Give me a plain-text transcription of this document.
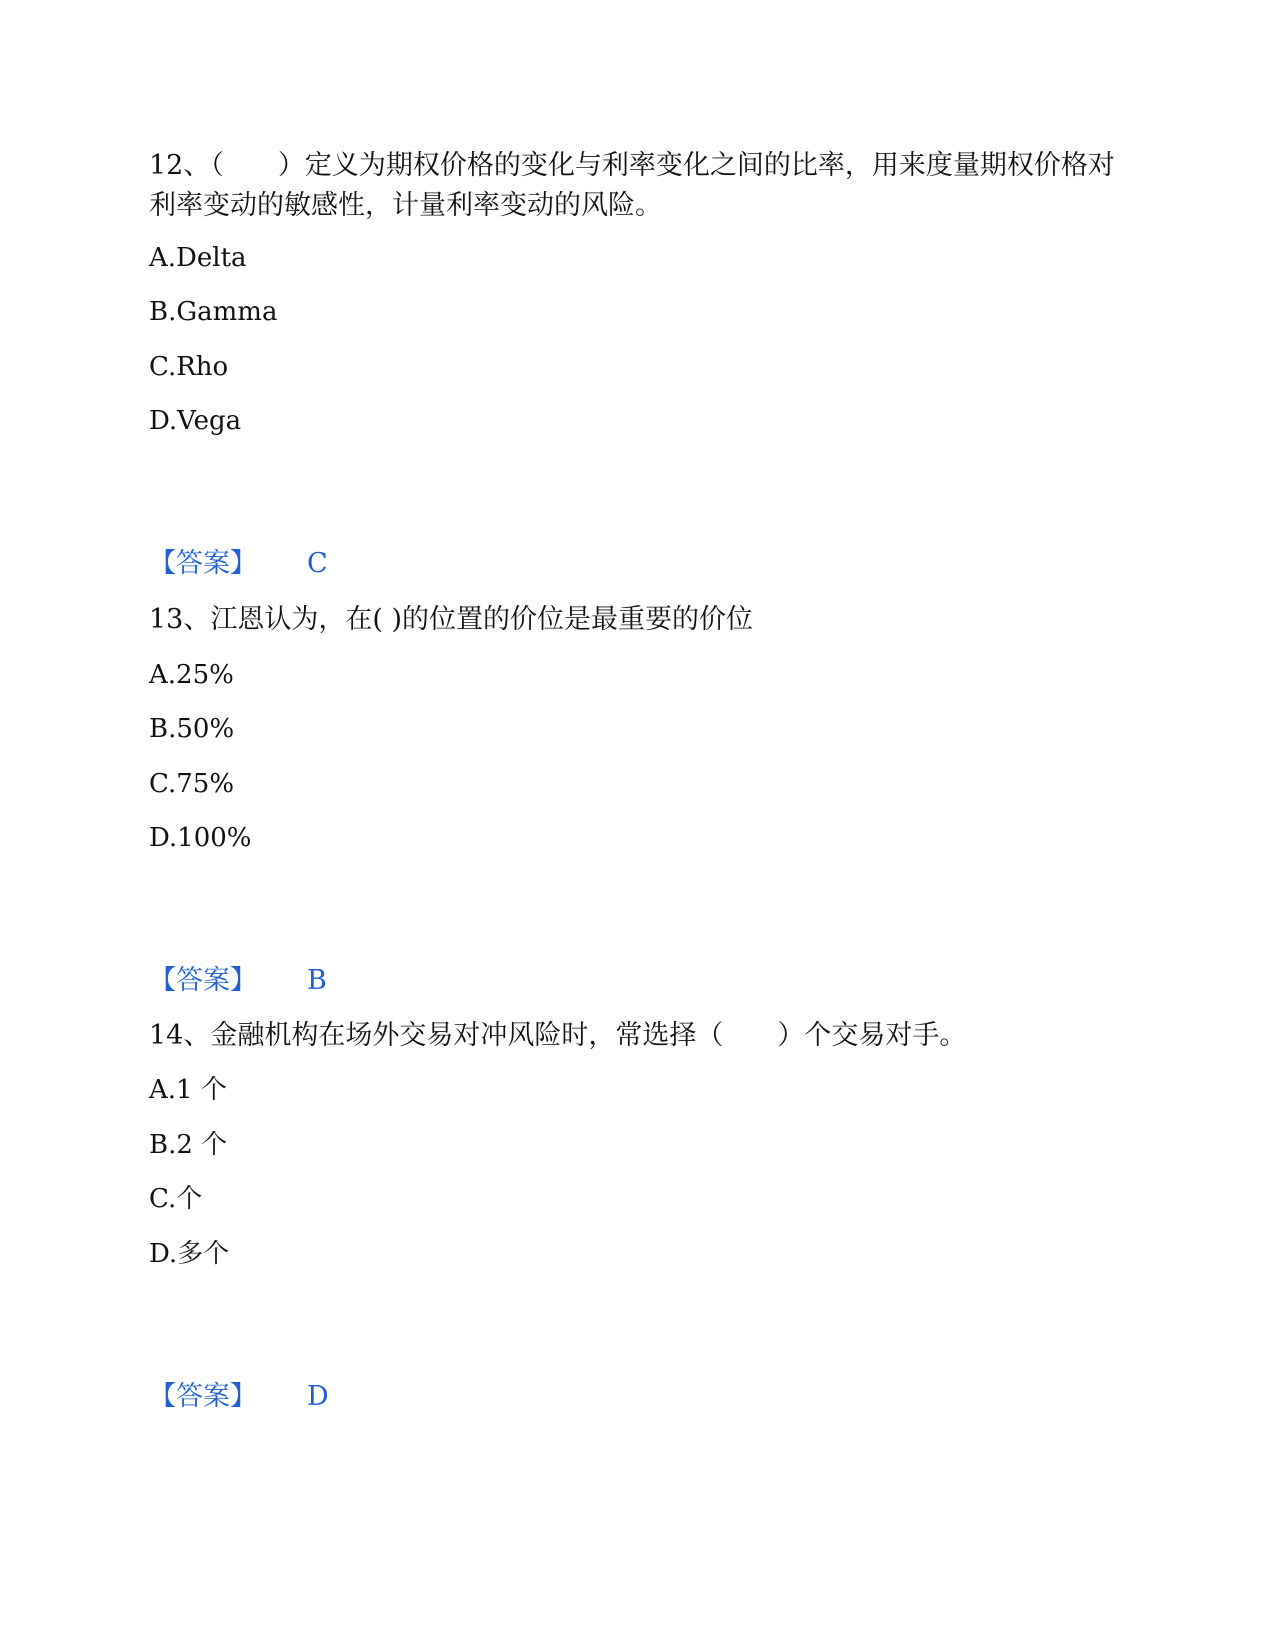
12、（　　）定义为期权价格的变化与利率变化之间的比率，用来度量期权价格对利率变动的敏感性，计量利率变动的风险。
A.Delta
B.Gamma
C.Rho
D.Vega
【答案】 C
13、江恩认为，在( )的位置的价位是最重要的价位
A.25%
B.50%
C.75%
D.100%
【答案】 B
14、金融机构在场外交易对冲风险时，常选择（　　）个交易对手。
A.1 个
B.2 个
C.个
D.多个
【答案】 D
